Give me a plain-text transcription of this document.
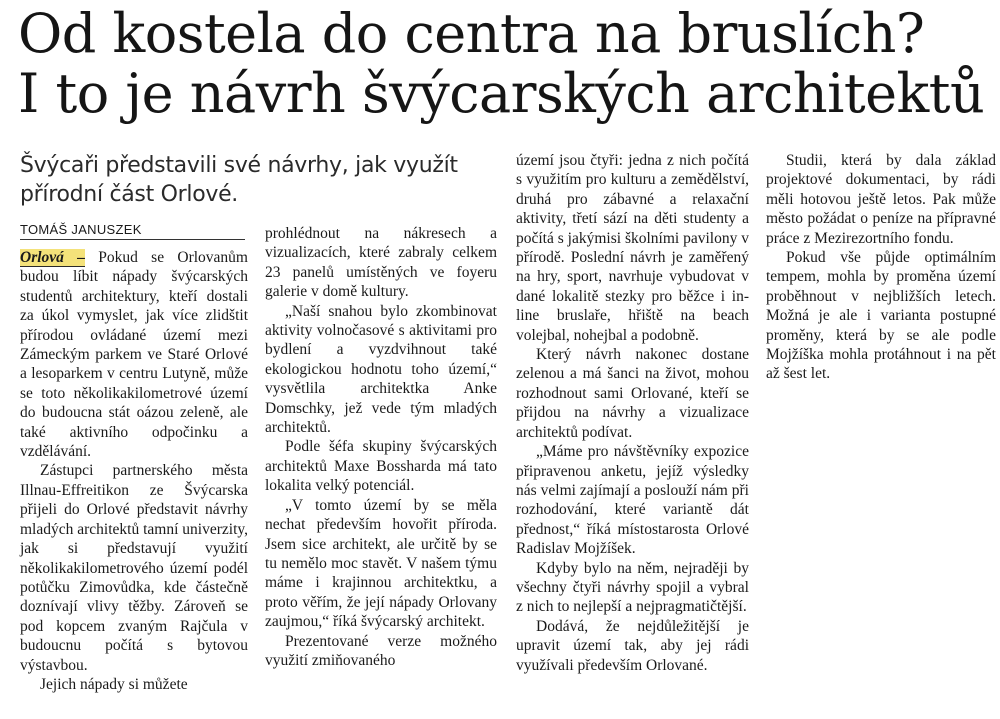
Od kostela do centra na bruslích?
I to je návrh švýcarských architektů
Švýcaři představili své návrhy, jak využít přírodní část Orlové.
TOMÁŠ JANUSZEK

Orlová – Pokud se Orlovanům budou líbit nápady švýcarských studentů architektury, kteří dostali za úkol vymyslet, jak více zlidštit přírodou ovládané území mezi Zámeckým parkem ve Staré Orlové a lesoparkem v centru Lutyně, může se toto několikakilometrové území do budoucna stát oázou zeleně, ale také aktivního odpočinku a vzdělávání.

Zástupci partnerského města Illnau-Effreitikon ze Švýcarska přijeli do Orlové představit návrhy mladých architektů tamní univerzity, jak si představují využití několikakilometrového území podél potůčku Zimovůdka, kde částečně doznívají vlivy těžby. Zároveň se pod kopcem zvaným Rajčula v budoucnu počítá s bytovou výstavbou.

Jejich nápady si můžete

prohlédnout na nákresech a vizualizacích, které zabraly celkem 23 panelů umístěných ve foyeru galerie v domě kultury.

„Naší snahou bylo zkombinovat aktivity volnočasové s aktivitami pro bydlení a vyzdvihnout také ekologickou hodnotu toho území,“ vysvětlila architektka Anke Domschky, jež vede tým mladých architektů.

Podle šéfa skupiny švýcarských architektů Maxe Bossharda má tato lokalita velký potenciál.

„V tomto území by se měla nechat především hovořit příroda. Jsem sice architekt, ale určitě by se tu nemělo moc stavět. V našem týmu máme i krajinnou architektku, a proto věřím, že její nápady Orlovany zaujmou,“ říká švýcarský architekt.

Prezentované verze možného využití zmiňovaného

území jsou čtyři: jedna z nich počítá s využitím pro kulturu a zemědělství, druhá pro zábavné a relaxační aktivity, třetí sází na děti studenty a počítá s jakýmisi školními pavilony v přírodě. Poslední návrh je zaměřený na hry, sport, navrhuje vybudovat v dané lokalitě stezky pro běžce i in-line bruslaře, hřiště na beach volejbal, nohejbal a podobně.

Který návrh nakonec dostane zelenou a má šanci na život, mohou rozhodnout sami Orlované, kteří se přijdou na návrhy a vizualizace architektů podívat.

„Máme pro návštěvníky expozice připravenou anketu, jejíž výsledky nás velmi zajímají a poslouží nám při rozhodování, které variantě dát přednost,“ říká místostarosta Orlové Radislav Mojžíšek.

Kdyby bylo na něm, nejraději by všechny čtyři návrhy spojil a vybral z nich to nejlepší a nejpragmatičtější.

Dodává, že nejdůležitější je upravit území tak, aby jej rádi využívali především Orlované.

Studii, která by dala základ projektové dokumentaci, by rádi měli hotovou ještě letos. Pak může město požádat o peníze na přípravné práce z Mezirezortního fondu.

Pokud vše půjde optimálním tempem, mohla by proměna území proběhnout v nejbližších letech. Možná je ale i varianta postupné proměny, která by se ale podle Mojžíška mohla protáhnout i na pět až šest let.
